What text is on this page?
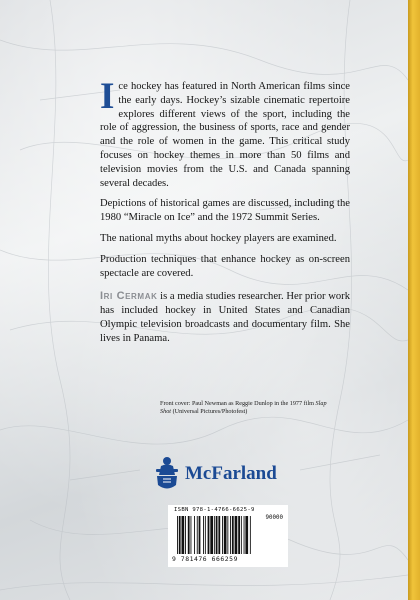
Ice hockey has featured in North American films since the early days. Hockey’s sizable cinematic repertoire explores different views of the sport, including the role of aggression, the business of sports, race and gender and the role of women in the game. This critical study focuses on hockey themes in more than 50 films and television movies from the U.S. and Canada spanning several decades.

Depictions of historical games are discussed, including the 1980 “Miracle on Ice” and the 1972 Summit Series.

The national myths about hockey players are examined.

Production techniques that enhance hockey as on-screen spectacle are covered.

Iri Cermak is a media studies researcher. Her prior work has included hockey in United States and Canadian Olympic television broadcasts and documentary film. She lives in Panama.

Front cover: Paul Newman as Reggie Dunlop in the 1977 film Slap Shot (Universal Pictures/Photofest)
McFarland
ISBN 978-1-4766-6625-9
90000
9 781476 666259
